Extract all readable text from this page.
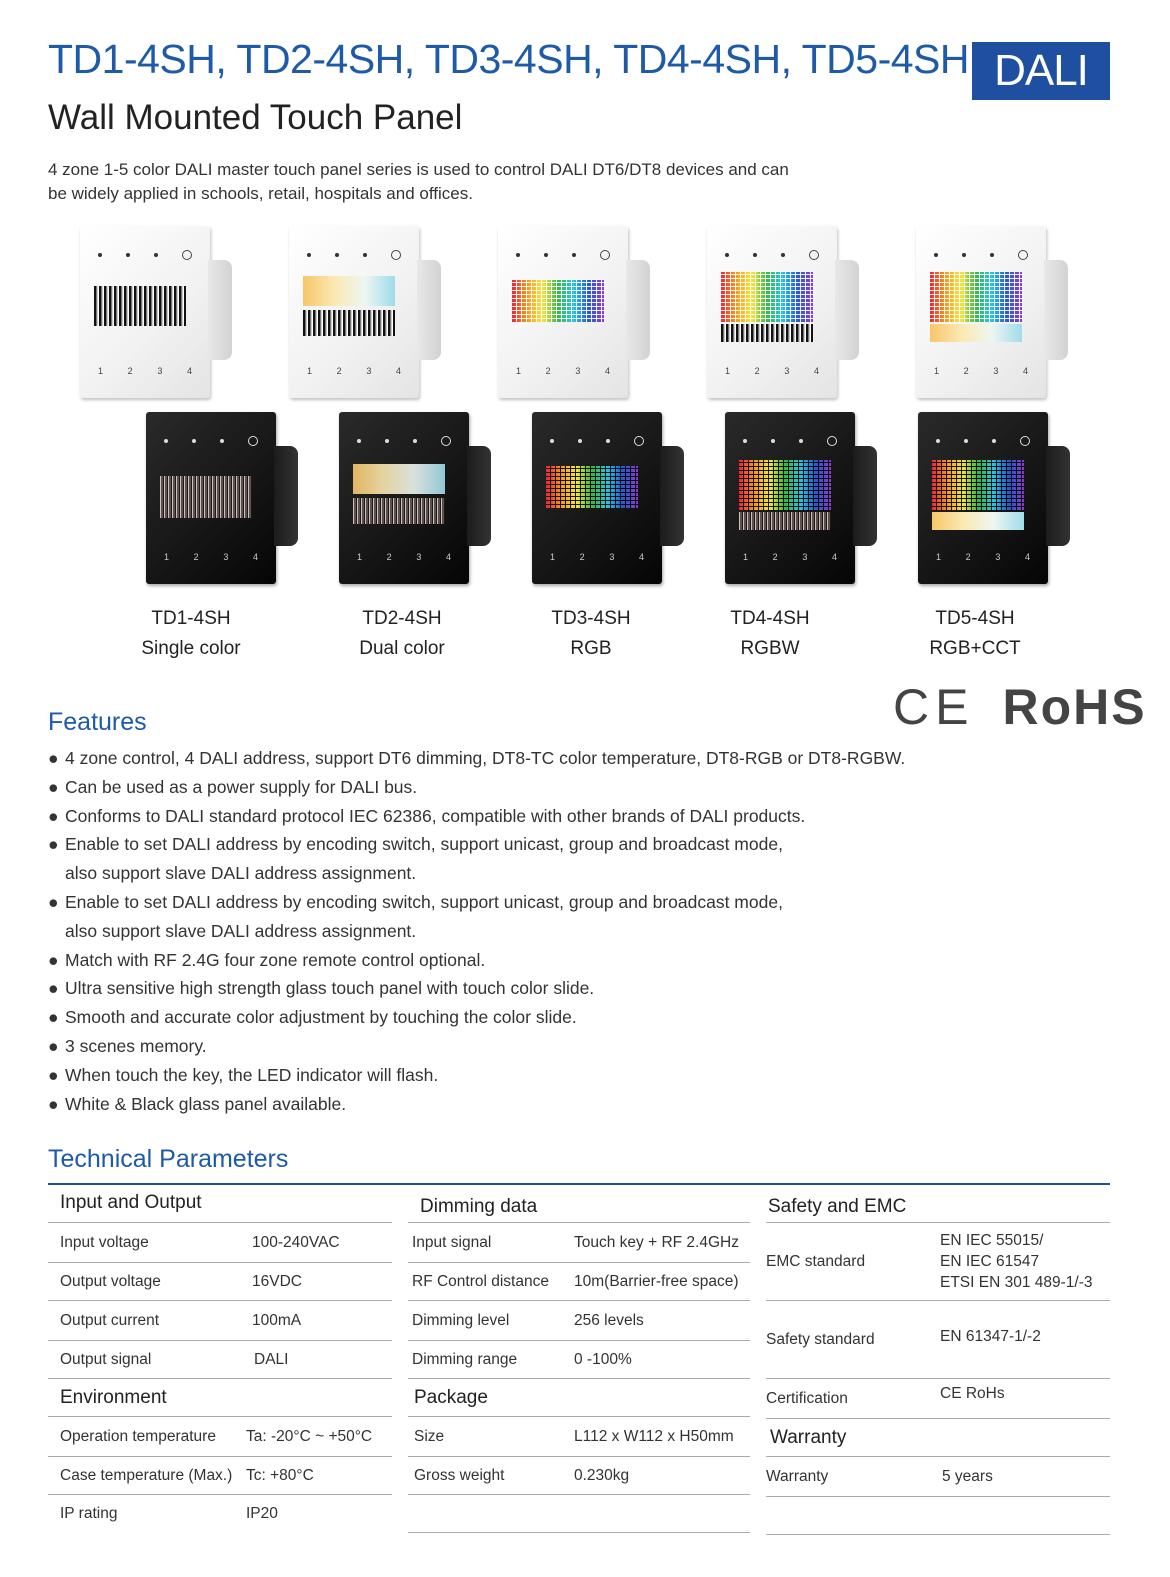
TD1-4SH, TD2-4SH, TD3-4SH, TD4-4SH, TD5-4SH DALI
Wall Mounted Touch Panel
4 zone 1-5 color DALI master touch panel series is used to control DALI DT6/DT8 devices and can be widely applied in schools, retail, hospitals and offices.
1	2	3	4	1	2	3	4	1	2	3	4	1	2	3	4	1	2	3	4
1	2	3	4	1	2	3	4	1	2	3	4	1	2	3	4	1	2	3	4
TD1-4SH
Single color
TD2-4SH
Dual color
TD3-4SH
RGB
TD4-4SH
RGBW
TD5-4SH
RGB+CCT
CE RoHS
Features
● 4 zone control, 4 DALI address, support DT6 dimming, DT8-TC color temperature, DT8-RGB or DT8-RGBW.
● Can be used as a power supply for DALI bus.
● Conforms to DALI standard protocol IEC 62386, compatible with other brands of DALI products.
● Enable to set DALI address by encoding switch, support unicast, group and broadcast mode,
also support slave DALI address assignment.
● Enable to set DALI address by encoding switch, support unicast, group and broadcast mode,
also support slave DALI address assignment.
● Match with RF 2.4G four zone remote control optional.
● Ultra sensitive high strength glass touch panel with touch color slide.
● Smooth and accurate color adjustment by touching the color slide.
● 3 scenes memory.
● When touch the key, the LED indicator will flash.
● White & Black glass panel available.
Technical Parameters
Input and Output
Input voltage	100-240VAC
Output voltage	16VDC
Output current	100mA
Output signal	DALI
Environment
Operation temperature	Ta: -20°C ~ +50°C
Case temperature (Max.) Tc: +80°C
IP rating	IP20
Dimming data
Input signal	Touch key + RF 2.4GHz
RF Control distance	10m(Barrier-free space)
Dimming level	256 levels
Dimming range	0 -100%
Package
Size	L112 x W112 x H50mm
Gross weight	0.230kg
Safety and EMC
EMC standard
EN IEC 55015/
EN IEC 61547
ETSI EN 301 489-1/-3
Safety standard	EN 61347-1/-2
Certification	CE RoHs
Warranty
Warranty	5 years
